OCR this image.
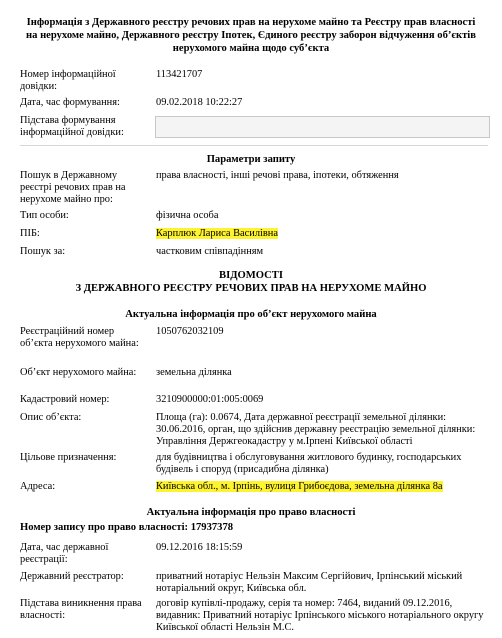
Інформація з Державного реєстру речових прав на нерухоме майно та Реєстру прав власності на нерухоме майно, Державного реєстру Іпотек, Єдиного реєстру заборон відчуження об’єктів нерухомого майна щодо суб’єкта
Номер інформаційної довідки:
113421707
Дата, час формування:	09.02.2018 10:22:27
Підстава формування інформаційної довідки:
Параметри запиту
Пошук в Державному реєстрі речових прав на нерухоме майно про:
права власності, інші речові права, іпотеки, обтяження
Тип особи:	фізична особа
ПІБ:	Карплюк Лариса Василівна
Пошук за:	частковим співпадінням
ВІДОМОСТІ
З ДЕРЖАВНОГО РЕЄСТРУ РЕЧОВИХ ПРАВ НА НЕРУХОМЕ МАЙНО
Актуальна інформація про об’єкт нерухомого майна
Реєстраційний номер об’єкта нерухомого майна:
1050762032109
Об’єкт нерухомого майна:	земельна ділянка
Кадастровий номер:	3210900000:01:005:0069
Опис об’єкта:	Площа (га): 0.0674, Дата державної реєстрації земельної ділянки: 30.06.2016, орган, що здійснив державну реєстрацію земельної ділянки: Управління Держгеокадастру у м.Ірпені Київської області
Цільове призначення:	для будівництва і обслуговування житлового будинку, господарських будівель і споруд (присадибна ділянка)
Адреса:	Київська обл., м. Ірпінь, вулиця Грибоєдова, земельна ділянка 8а
Актуальна інформація про право власності
Номер запису про право власності: 17937378
Дата, час державної реєстрації:
09.12.2016 18:15:59
Державний реєстратор:	приватний нотаріус Нельзін Максим Сергійович, Ірпінський міський нотаріальний округ, Київська обл.
Підстава виникнення права власності:
договір купівлі-продажу, серія та номер: 7464, виданий 09.12.2016, видавник: Приватний нотаріус Ірпінського міського нотаріального округу Київської області Нельзін М.С.
